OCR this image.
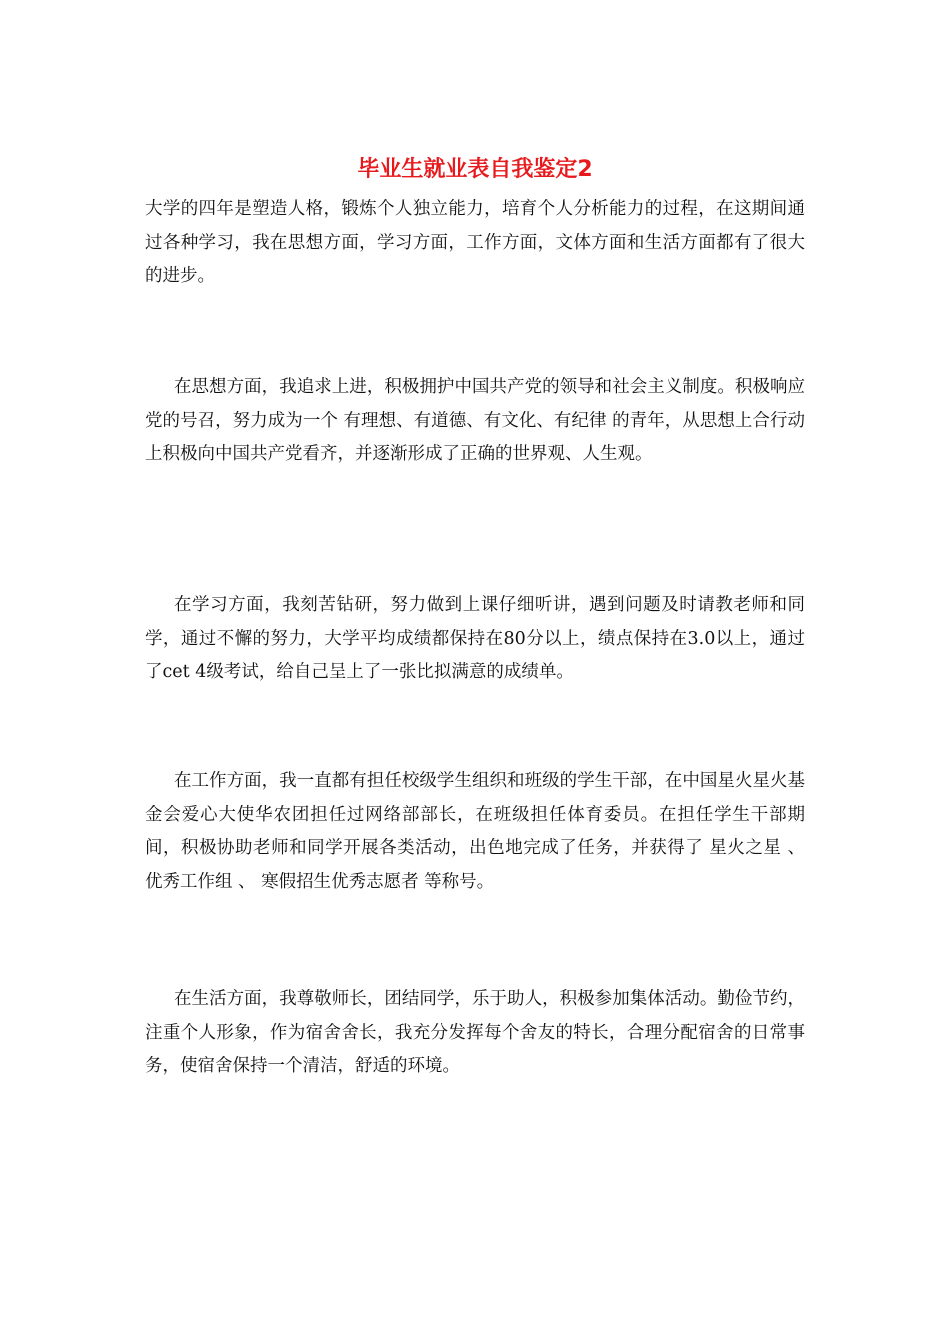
毕业生就业表自我鉴定2

大学的四年是塑造人格，锻炼个人独立能力，培育个人分析能力的过程，在这期间通过各种学习，我在思想方面，学习方面，工作方面，文体方面和生活方面都有了很大的进步。

在思想方面，我追求上进，积极拥护中国共产党的领导和社会主义制度。积极响应党的号召，努力成为一个 有理想、有道德、有文化、有纪律 的青年，从思想上合行动上积极向中国共产党看齐，并逐渐形成了正确的世界观、人生观。

在学习方面，我刻苦钻研，努力做到上课仔细听讲，遇到问题及时请教老师和同学，通过不懈的努力，大学平均成绩都保持在80分以上，绩点保持在3.0以上，通过了cet 4级考试，给自己呈上了一张比拟满意的成绩单。

在工作方面，我一直都有担任校级学生组织和班级的学生干部，在中国星火星火基金会爱心大使华农团担任过网络部部长，在班级担任体育委员。在担任学生干部期间，积极协助老师和同学开展各类活动，出色地完成了任务，并获得了 星火之星 、 优秀工作组 、 寒假招生优秀志愿者 等称号。

在生活方面，我尊敬师长，团结同学，乐于助人，积极参加集体活动。勤俭节约，注重个人形象，作为宿舍舍长，我充分发挥每个舍友的特长，合理分配宿舍的日常事务，使宿舍保持一个清洁，舒适的环境。
